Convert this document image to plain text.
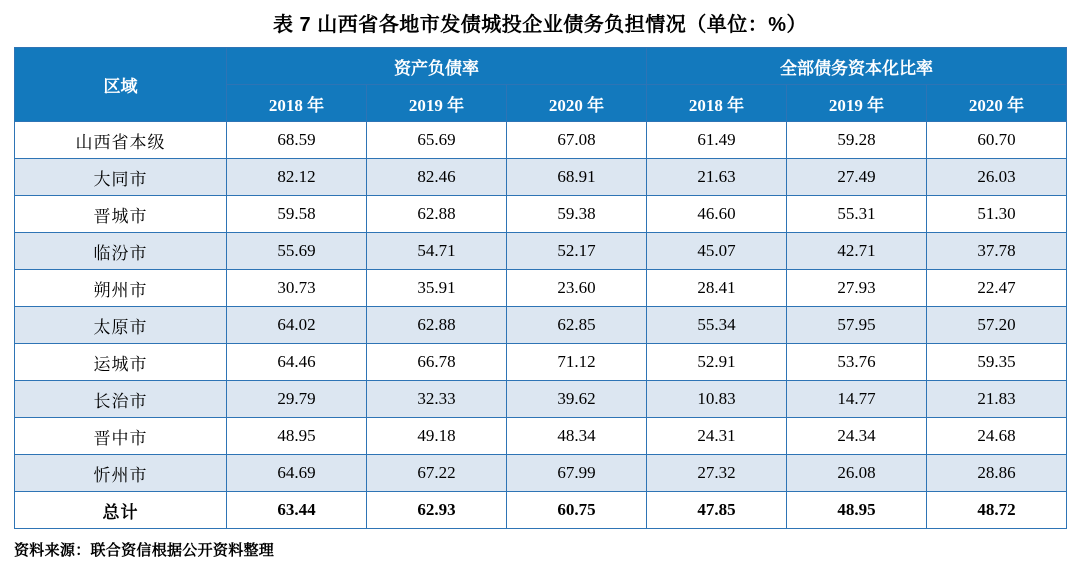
表 7 山西省各地市发债城投企业债务负担情况（单位：%）
区域	资产负债率			全部债务资本化比率		
	2018 年	2019 年	2020 年	2018 年	2019 年	2020 年
山西省本级	68.59	65.69	67.08	61.49	59.28	60.70
大同市	82.12	82.46	68.91	21.63	27.49	26.03
晋城市	59.58	62.88	59.38	46.60	55.31	51.30
临汾市	55.69	54.71	52.17	45.07	42.71	37.78
朔州市	30.73	35.91	23.60	28.41	27.93	22.47
太原市	64.02	62.88	62.85	55.34	57.95	57.20
运城市	64.46	66.78	71.12	52.91	53.76	59.35
长治市	29.79	32.33	39.62	10.83	14.77	21.83
晋中市	48.95	49.18	48.34	24.31	24.34	24.68
忻州市	64.69	67.22	67.99	27.32	26.08	28.86
总计	63.44	62.93	60.75	47.85	48.95	48.72
资料来源：联合资信根据公开资料整理
